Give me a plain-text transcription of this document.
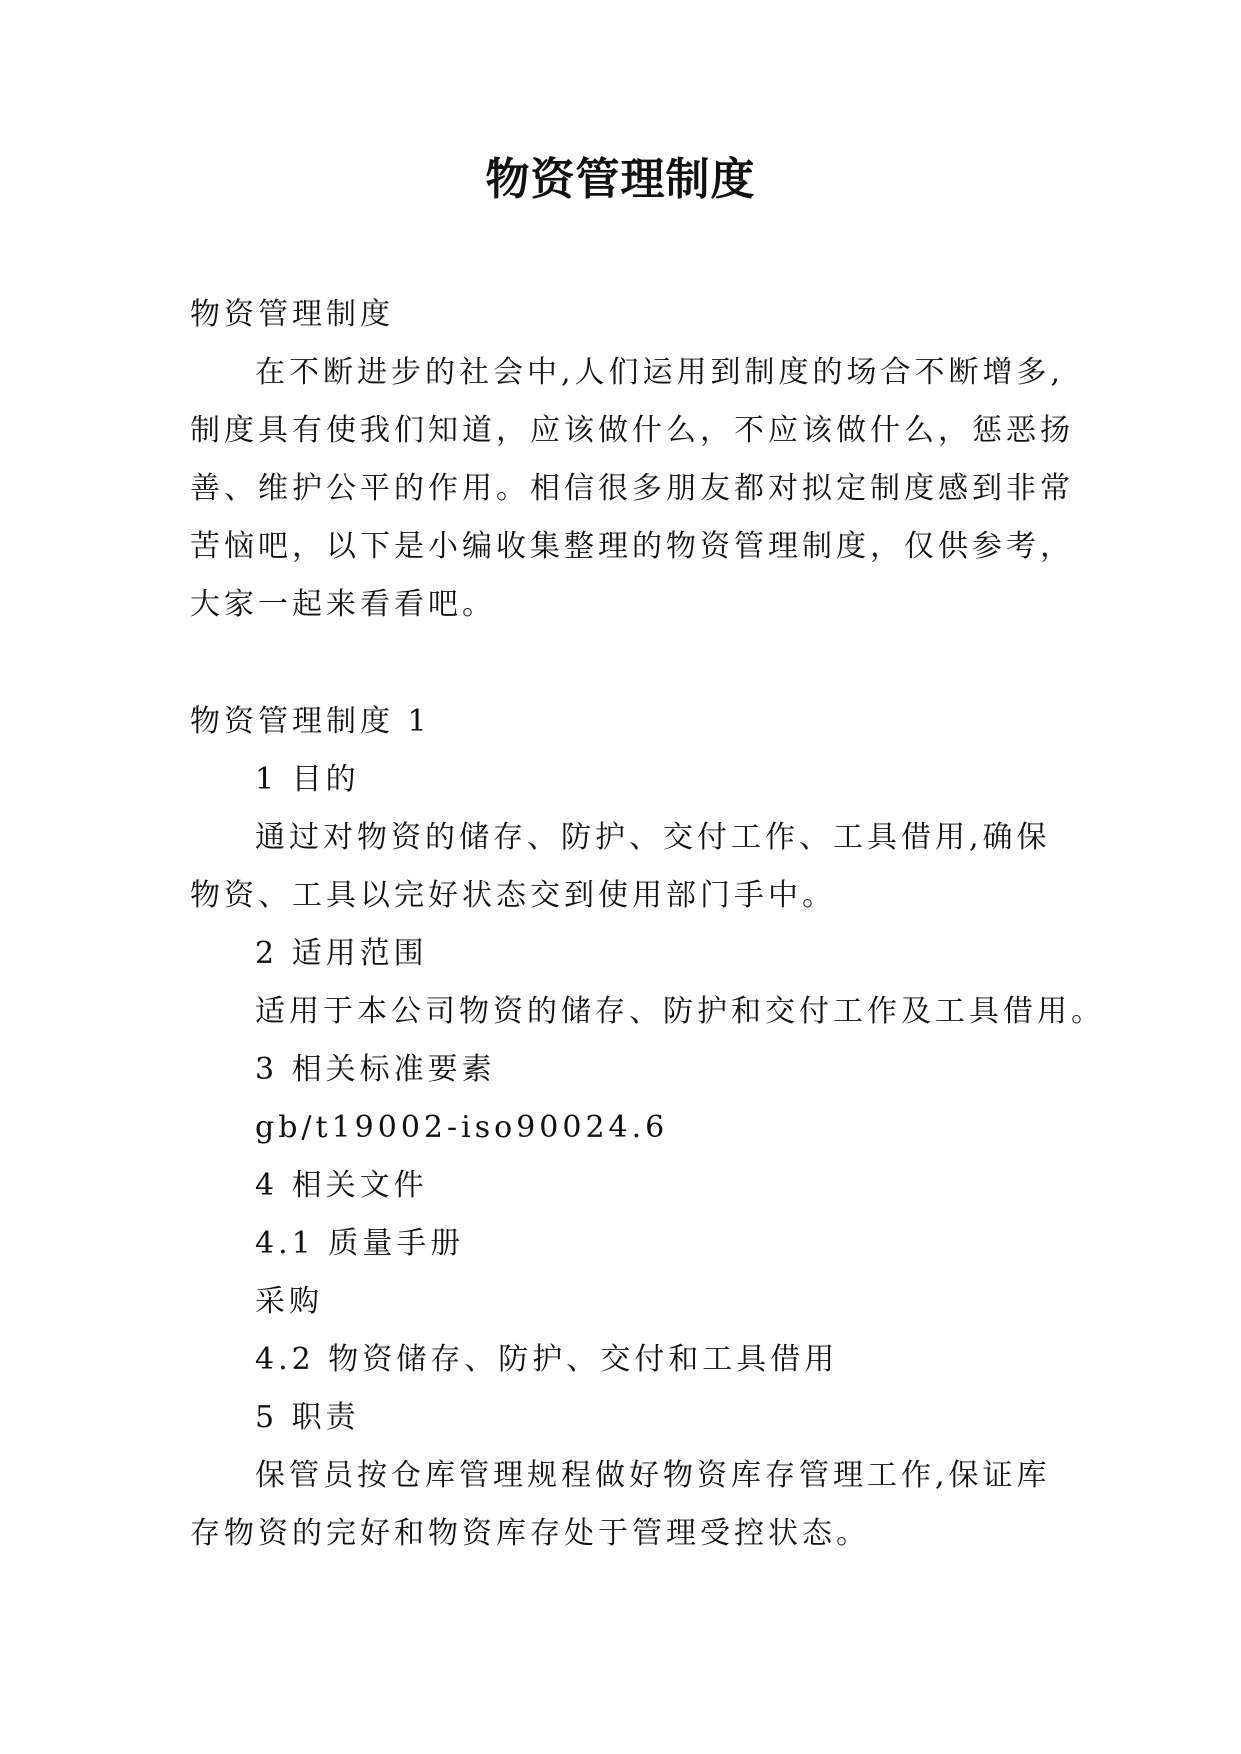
物资管理制度
物资管理制度
在不断进步的社会中,人们运用到制度的场合不断增多,
制度具有使我们知道，应该做什么，不应该做什么，惩恶扬
善、维护公平的作用。相信很多朋友都对拟定制度感到非常
苦恼吧，以下是小编收集整理的物资管理制度，仅供参考，
大家一起来看看吧。
物资管理制度 1
1 目的
通过对物资的储存、防护、交付工作、工具借用,确保
物资、工具以完好状态交到使用部门手中。
2 适用范围
适用于本公司物资的储存、防护和交付工作及工具借用。
3 相关标准要素
gb/t19002-iso90024.6
4 相关文件
4.1 质量手册
采购
4.2 物资储存、防护、交付和工具借用
5 职责
保管员按仓库管理规程做好物资库存管理工作,保证库
存物资的完好和物资库存处于管理受控状态。
